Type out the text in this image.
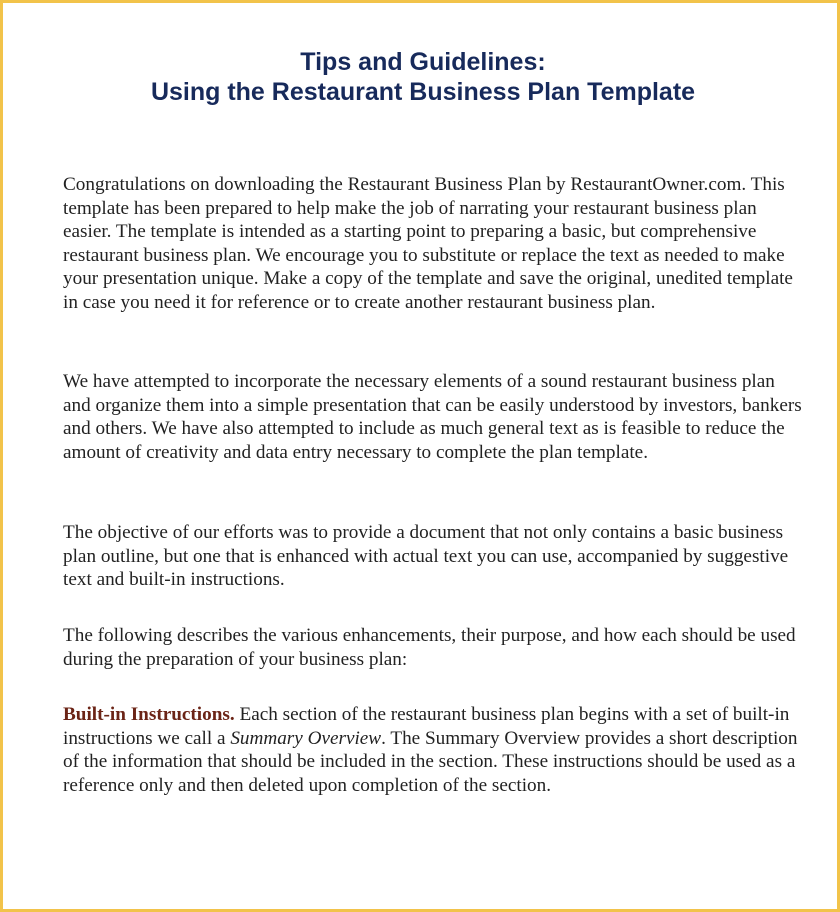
Tips and Guidelines:
Using the Restaurant Business Plan Template
Congratulations on downloading the Restaurant Business Plan by RestaurantOwner.com. This template has been prepared to help make the job of narrating your restaurant business plan easier. The template is intended as a starting point to preparing a basic, but comprehensive restaurant business plan. We encourage you to substitute or replace the text as needed to make your presentation unique. Make a copy of the template and save the original, unedited template in case you need it for reference or to create another restaurant business plan.
We have attempted to incorporate the necessary elements of a sound restaurant business plan and organize them into a simple presentation that can be easily understood by investors, bankers and others. We have also attempted to include as much general text as is feasible to reduce the amount of creativity and data entry necessary to complete the plan template.
The objective of our efforts was to provide a document that not only contains a basic business plan outline, but one that is enhanced with actual text you can use, accompanied by suggestive text and built-in instructions.
The following describes the various enhancements, their purpose, and how each should be used during the preparation of your business plan:
Built-in Instructions. Each section of the restaurant business plan begins with a set of built-in instructions we call a Summary Overview. The Summary Overview provides a short description of the information that should be included in the section. These instructions should be used as a reference only and then deleted upon completion of the section.
